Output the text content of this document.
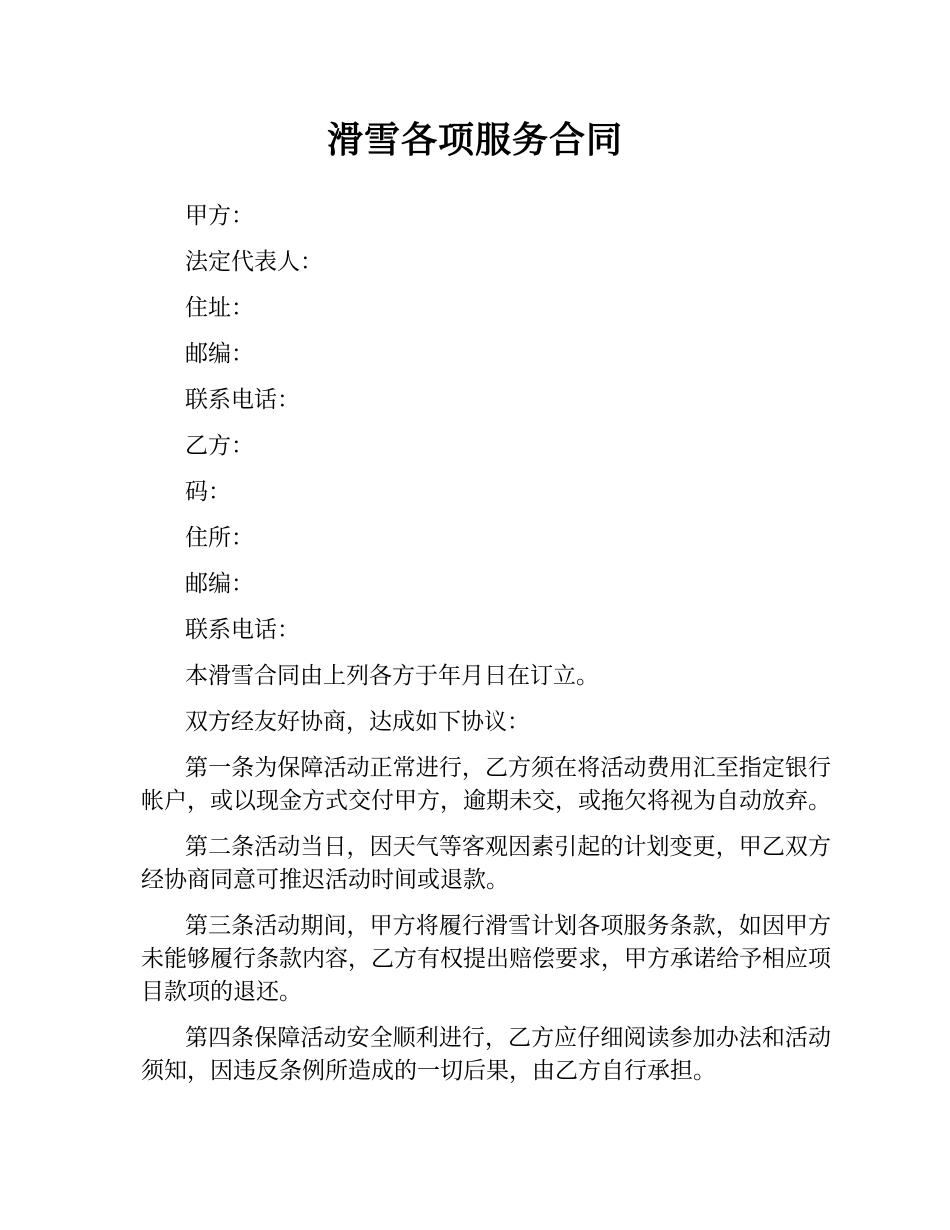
滑雪各项服务合同
甲方：
法定代表人：
住址：
邮编：
联系电话：
乙方：
码：
住所：
邮编：
联系电话：

本滑雪合同由上列各方于年月日在订立。

双方经友好协商，达成如下协议：

第一条为保障活动正常进行，乙方须在将活动费用汇至指定银行帐户，或以现金方式交付甲方，逾期未交，或拖欠将视为自动放弃。

第二条活动当日，因天气等客观因素引起的计划变更，甲乙双方经协商同意可推迟活动时间或退款。

第三条活动期间，甲方将履行滑雪计划各项服务条款，如因甲方未能够履行条款内容，乙方有权提出赔偿要求，甲方承诺给予相应项目款项的退还。

第四条保障活动安全顺利进行，乙方应仔细阅读参加办法和活动须知，因违反条例所造成的一切后果，由乙方自行承担。
